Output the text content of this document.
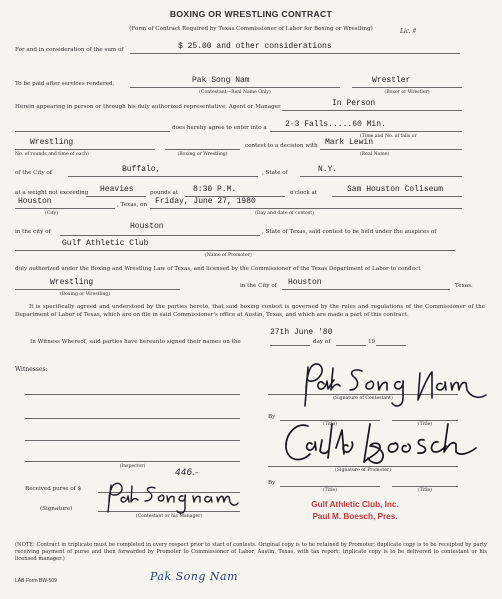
BOXING OR WRESTLING CONTRACT
(Form of Contract Required by Texas Commissioner of Labor for Boxing or Wrestling)	Lic. #
For and in consideration of the sum of	$ 25.00 and other considerations
To be paid after services rendered,	Pak Song Nam	Wrestler
(Contestant—Real Name Only)	(Boxer or Wrestler)
Herein appearing in person or through his duly authorized representative, Agent or Manager	In Person
does hereby agree to enter into a 2-3 Falls.....60 Min.
(Time and No. of falls or
Wrestling	contest to a decision with Mark Lewin
No. of rounds and time of each)	(Boxing or Wrestling)	(Real Name)
of the City of	Buffalo,	, State of	N.Y.
at a weight not exceeding Heavies	pounds at 8:30 P.M.	o'clock at	Sam Houston Coliseum
Houston	, Texas, on Friday, June 27, 1980
(City)	(Day and date of contest)
in the city of
Houston
, State of Texas, said contest to be held under the auspices of
Gulf Athletic Club
(Name of Promoter)
duly authorized under the Boxing and Wrestling Law of Texas, and licensed by the Commissioner of the Texas Department of Labor to conduct
Wrestling	in the City of Houston	Texas.
(Boxing or Wrestling)
It is specifically agreed and understood by the parties hereto, that said boxing contest is governed by the rules and regulations of the Commissioner of the Department of Labor of Texas, which are on file in said Commissioner's office at Austin, Texas, and which are made a part of this contract.
27th June '80
In Witness Whereof, said parties have hereunto signed their names on the	day of	19
Witnesses:
(Inspector)
(Signature of Contestant)
By
(Title)	(Title)
(Signature of Promoter)
By
(Title)	(Title)
Received purse of $
446.-
(Signature)
(Contestant or his Manager)
Gulf Athletic Club, Inc.
Paul M. Boesch, Pres.
(NOTE: Contract in triplicate must be completed in every respect prior to start of contests. Original copy is to be retained by Promoter; duplicate copy is to be receipted by party receiving payment of purse and then forwarded by Promoter to Commissioner of Labor, Austin, Texas, with tax report; triplicate copy is to be delivered to contestant or his licensed manager.)
LAB Form BW-509	Pak Song Nam
